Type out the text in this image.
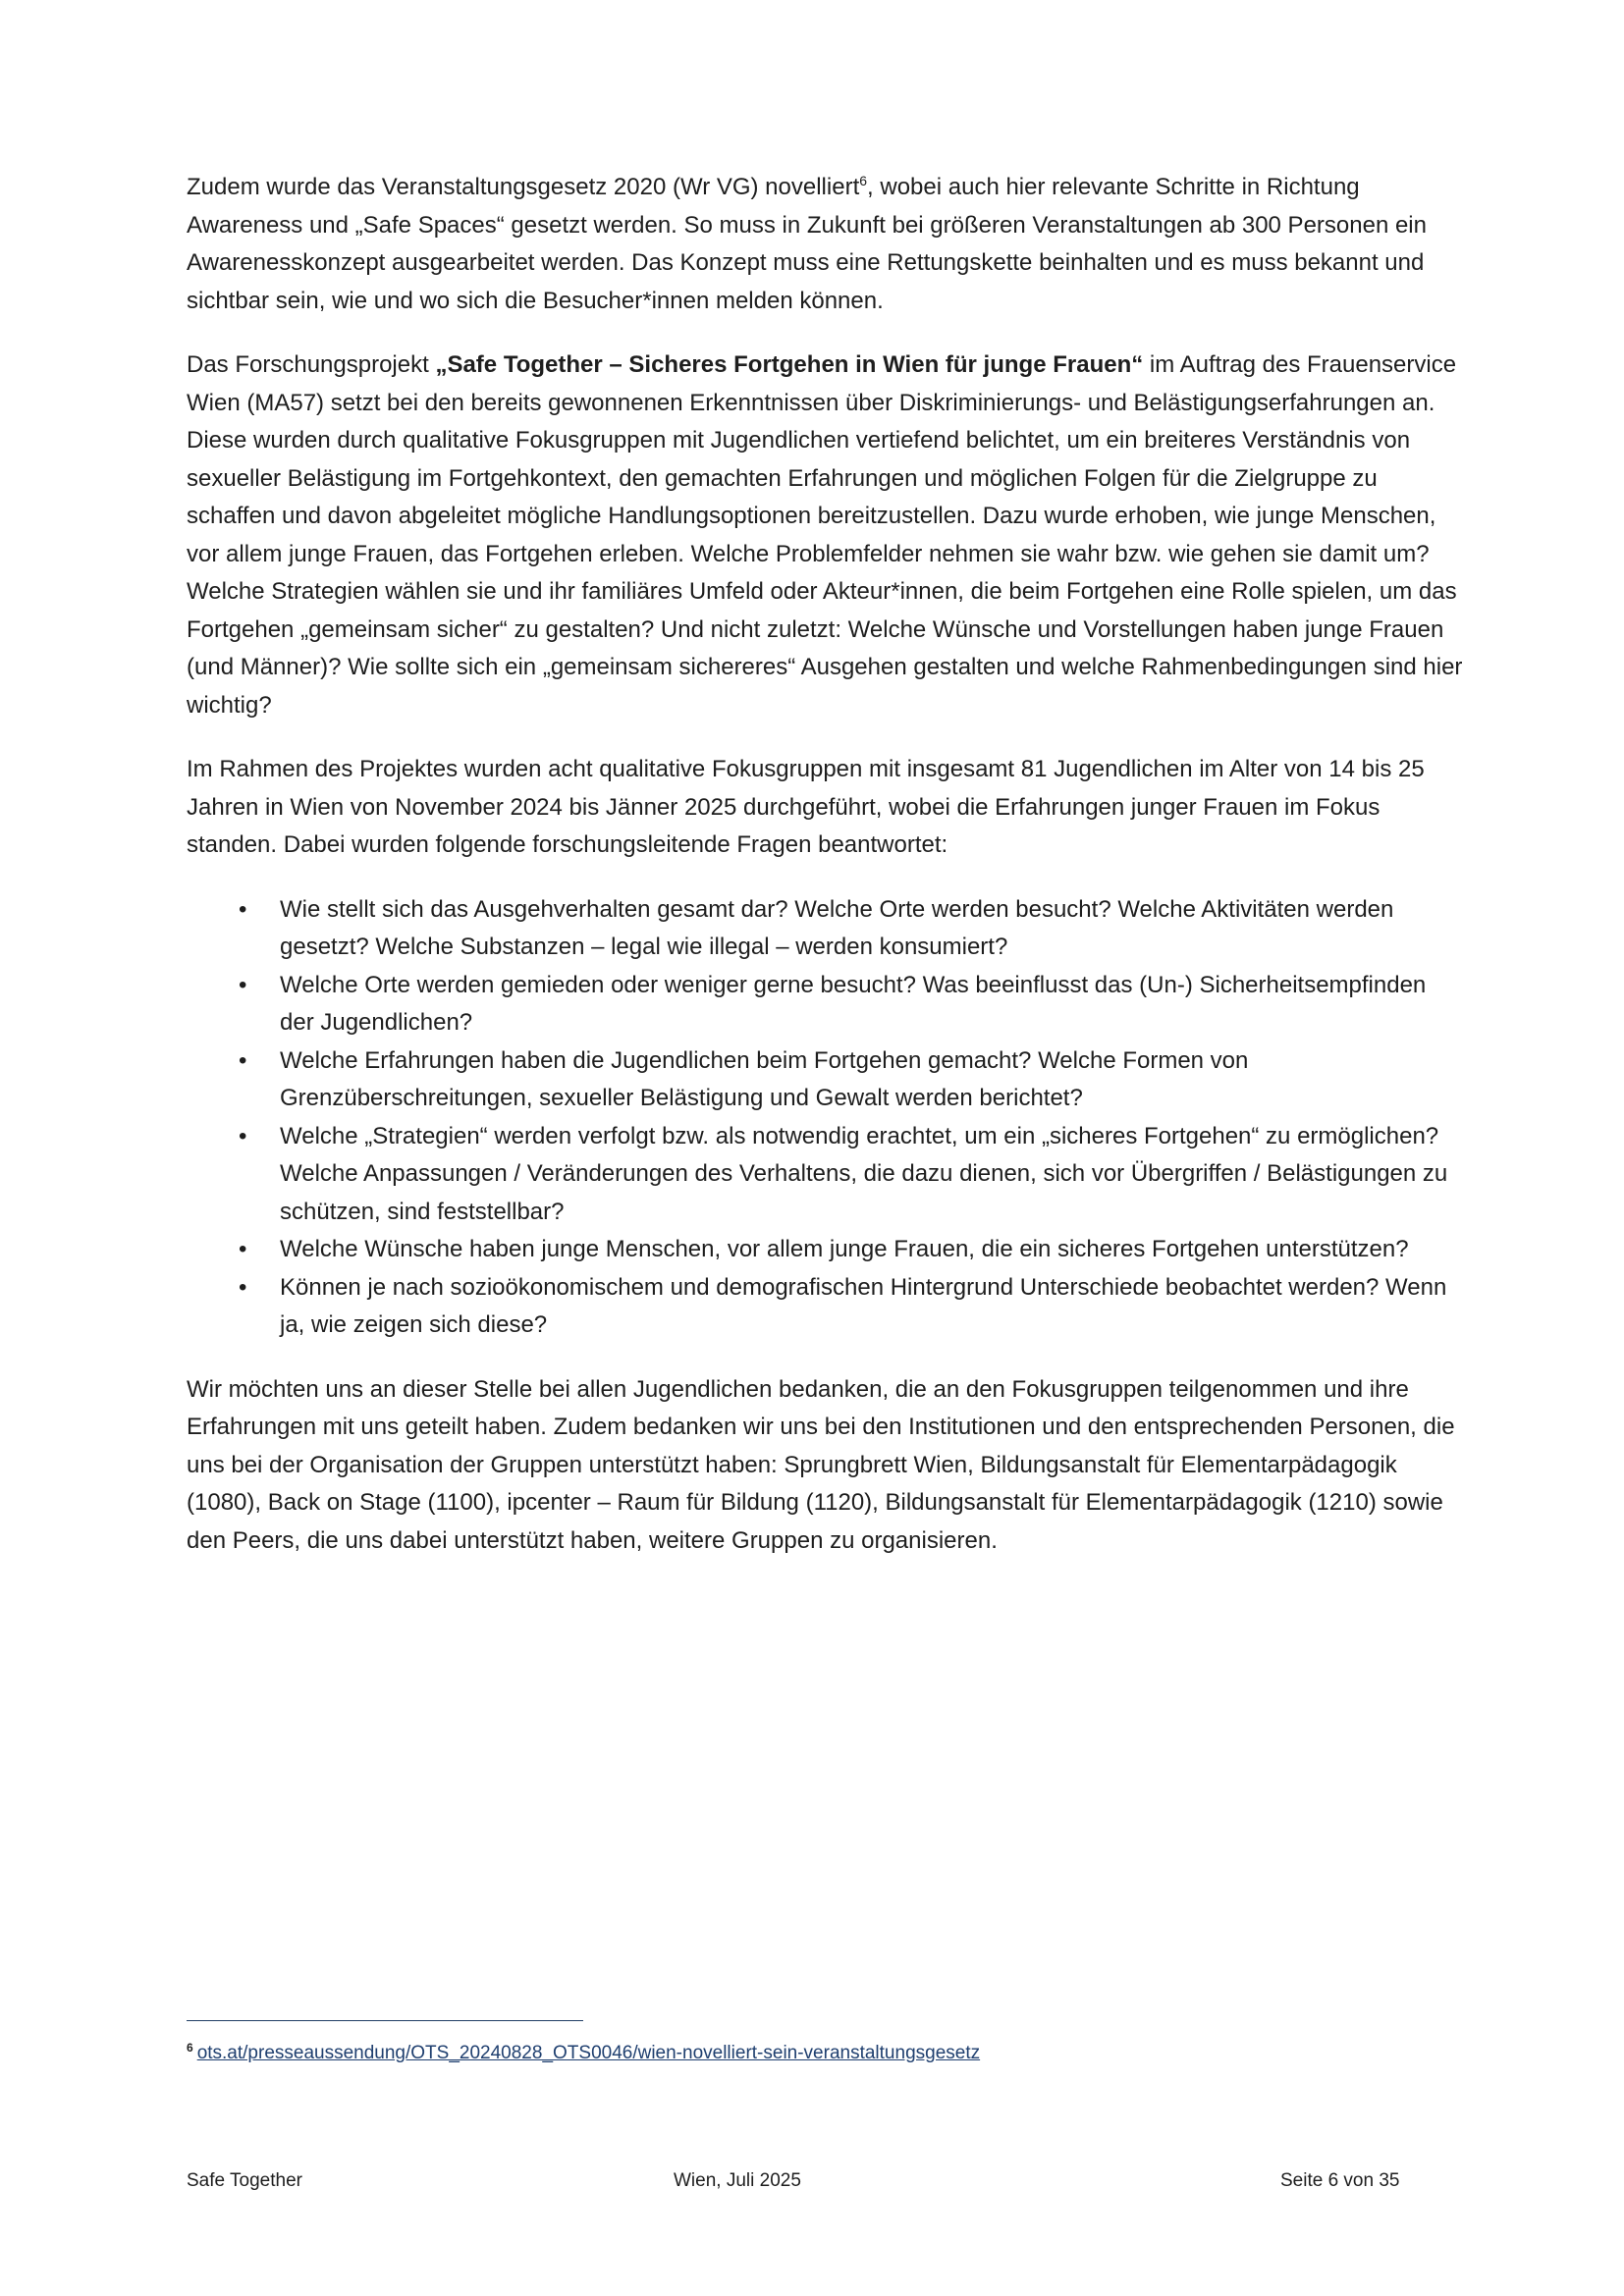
Zudem wurde das Veranstaltungsgesetz 2020 (Wr VG) novelliert$^6$, wobei auch hier relevante Schritte in Richtung Awareness und „Safe Spaces“ gesetzt werden. So muss in Zukunft bei größeren Veranstaltungen ab 300 Personen ein Awarenesskonzept ausgearbeitet werden. Das Konzept muss eine Rettungskette beinhalten und es muss bekannt und sichtbar sein, wie und wo sich die Besucher*innen melden können.

Das Forschungsprojekt „Safe Together – Sicheres Fortgehen in Wien für junge Frauen“ im Auftrag des Frauenservice Wien (MA57) setzt bei den bereits gewonnenen Erkenntnissen über Diskriminierungs- und Belästigungserfahrungen an. Diese wurden durch qualitative Fokusgruppen mit Jugendlichen vertiefend belichtet, um ein breiteres Verständnis von sexueller Belästigung im Fortgehkontext, den gemachten Erfahrungen und möglichen Folgen für die Zielgruppe zu schaffen und davon abgeleitet mögliche Handlungsoptionen bereitzustellen. Dazu wurde erhoben, wie junge Menschen, vor allem junge Frauen, das Fortgehen erleben. Welche Problemfelder nehmen sie wahr bzw. wie gehen sie damit um? Welche Strategien wählen sie und ihr familiäres Umfeld oder Akteur*innen, die beim Fortgehen eine Rolle spielen, um das Fortgehen „gemeinsam sicher“ zu gestalten? Und nicht zuletzt: Welche Wünsche und Vorstellungen haben junge Frauen (und Männer)? Wie sollte sich ein „gemeinsam sichereres“ Ausgehen gestalten und welche Rahmenbedingungen sind hier wichtig?

Im Rahmen des Projektes wurden acht qualitative Fokusgruppen mit insgesamt 81 Jugendlichen im Alter von 14 bis 25 Jahren in Wien von November 2024 bis Jänner 2025 durchgeführt, wobei die Erfahrungen junger Frauen im Fokus standen. Dabei wurden folgende forschungsleitende Fragen beantwortet:

• Wie stellt sich das Ausgehverhalten gesamt dar? Welche Orte werden besucht? Welche Aktivitäten werden gesetzt? Welche Substanzen – legal wie illegal – werden konsumiert?
• Welche Orte werden gemieden oder weniger gerne besucht? Was beeinflusst das (Un-) Sicherheitsempfinden der Jugendlichen?
• Welche Erfahrungen haben die Jugendlichen beim Fortgehen gemacht? Welche Formen von Grenzüberschreitungen, sexueller Belästigung und Gewalt werden berichtet?
• Welche „Strategien“ werden verfolgt bzw. als notwendig erachtet, um ein „sicheres Fortgehen“ zu ermöglichen? Welche Anpassungen / Veränderungen des Verhaltens, die dazu dienen, sich vor Übergriffen / Belästigungen zu schützen, sind feststellbar?
• Welche Wünsche haben junge Menschen, vor allem junge Frauen, die ein sicheres Fortgehen unterstützen?
• Können je nach sozioökonomischem und demografischen Hintergrund Unterschiede beobachtet werden? Wenn ja, wie zeigen sich diese?

Wir möchten uns an dieser Stelle bei allen Jugendlichen bedanken, die an den Fokusgruppen teilgenommen und ihre Erfahrungen mit uns geteilt haben. Zudem bedanken wir uns bei den Institutionen und den entsprechenden Personen, die uns bei der Organisation der Gruppen unterstützt haben: Sprungbrett Wien, Bildungsanstalt für Elementarpädagogik (1080), Back on Stage (1100), ipcenter – Raum für Bildung (1120), Bildungsanstalt für Elementarpädagogik (1210) sowie den Peers, die uns dabei unterstützt haben, weitere Gruppen zu organisieren.

$^6$ ots.at/presseaussendung/OTS_20240828_OTS0046/wien-novelliert-sein-veranstaltungsgesetz
Safe Together	Wien, Juli 2025	Seite 6 von 35
